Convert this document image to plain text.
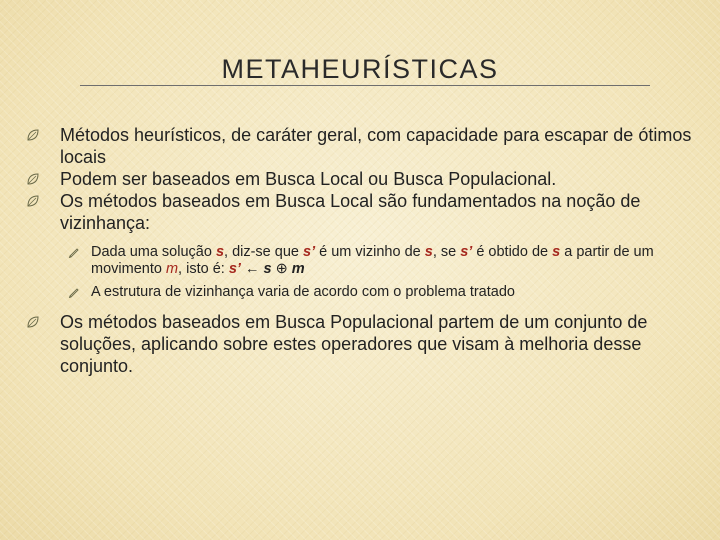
METAHEURÍSTICAS
Métodos heurísticos, de caráter geral, com capacidade para escapar de ótimos locais
Podem ser baseados em Busca Local ou Busca Populacional.
Os métodos baseados em Busca Local são fundamentados na noção de vizinhança:
Dada uma solução s, diz-se que s’ é um vizinho de s, se s’ é obtido de s a partir de um movimento m, isto é: s’ ← s ⊕ m
A estrutura de vizinhança varia de acordo com o problema tratado
Os métodos baseados em Busca Populacional partem de um conjunto de soluções, aplicando sobre estes operadores que visam à melhoria desse conjunto.
